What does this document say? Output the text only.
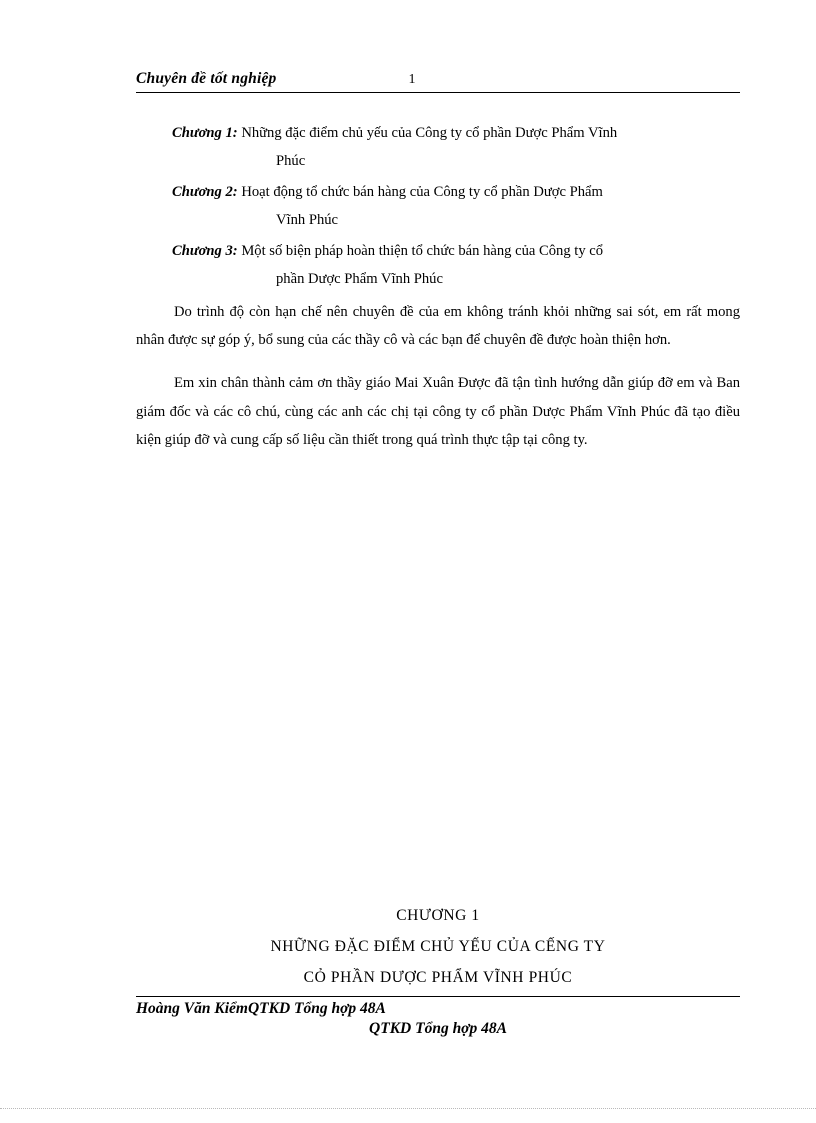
Chuyên đề tốt nghiệp	1
Chương 1: Những đặc điểm chủ yếu của Công ty cổ phần Dược Phẩm Vĩnh
Phúc
Chương 2: Hoạt động tổ chức bán hàng của Công ty cổ phần Dược Phẩm
Vĩnh Phúc
Chương 3: Một số biện pháp hoàn thiện tổ chức bán hàng của Công ty cổ
phần Dược Phẩm Vĩnh Phúc

Do trình độ còn hạn chế nên chuyên đề của em không tránh khỏi những sai sót, em rất mong nhân được sự góp ý, bổ sung của các thầy cô và các bạn để chuyên đề được hoàn thiện hơn.

Em xin chân thành cảm ơn thầy giáo Mai Xuân Được đã tận tình hướng dẫn giúp đỡ em và Ban giám đốc và các cô chú, cùng các anh các chị tại công ty cổ phần Dược Phẩm Vĩnh Phúc đã tạo điều kiện giúp đỡ và cung cấp số liệu cần thiết trong quá trình thực tập tại công ty.

CHƯƠNG 1
NHỮNG ĐẶC ĐIỂM CHỦ YẾU CỦA CẾNG TY
CỎ PHẦN DƯỢC PHẨM VĨNH PHÚC
Hoàng Văn KiểmQTKD Tổng hợp 48A
QTKD Tổng hợp 48A
